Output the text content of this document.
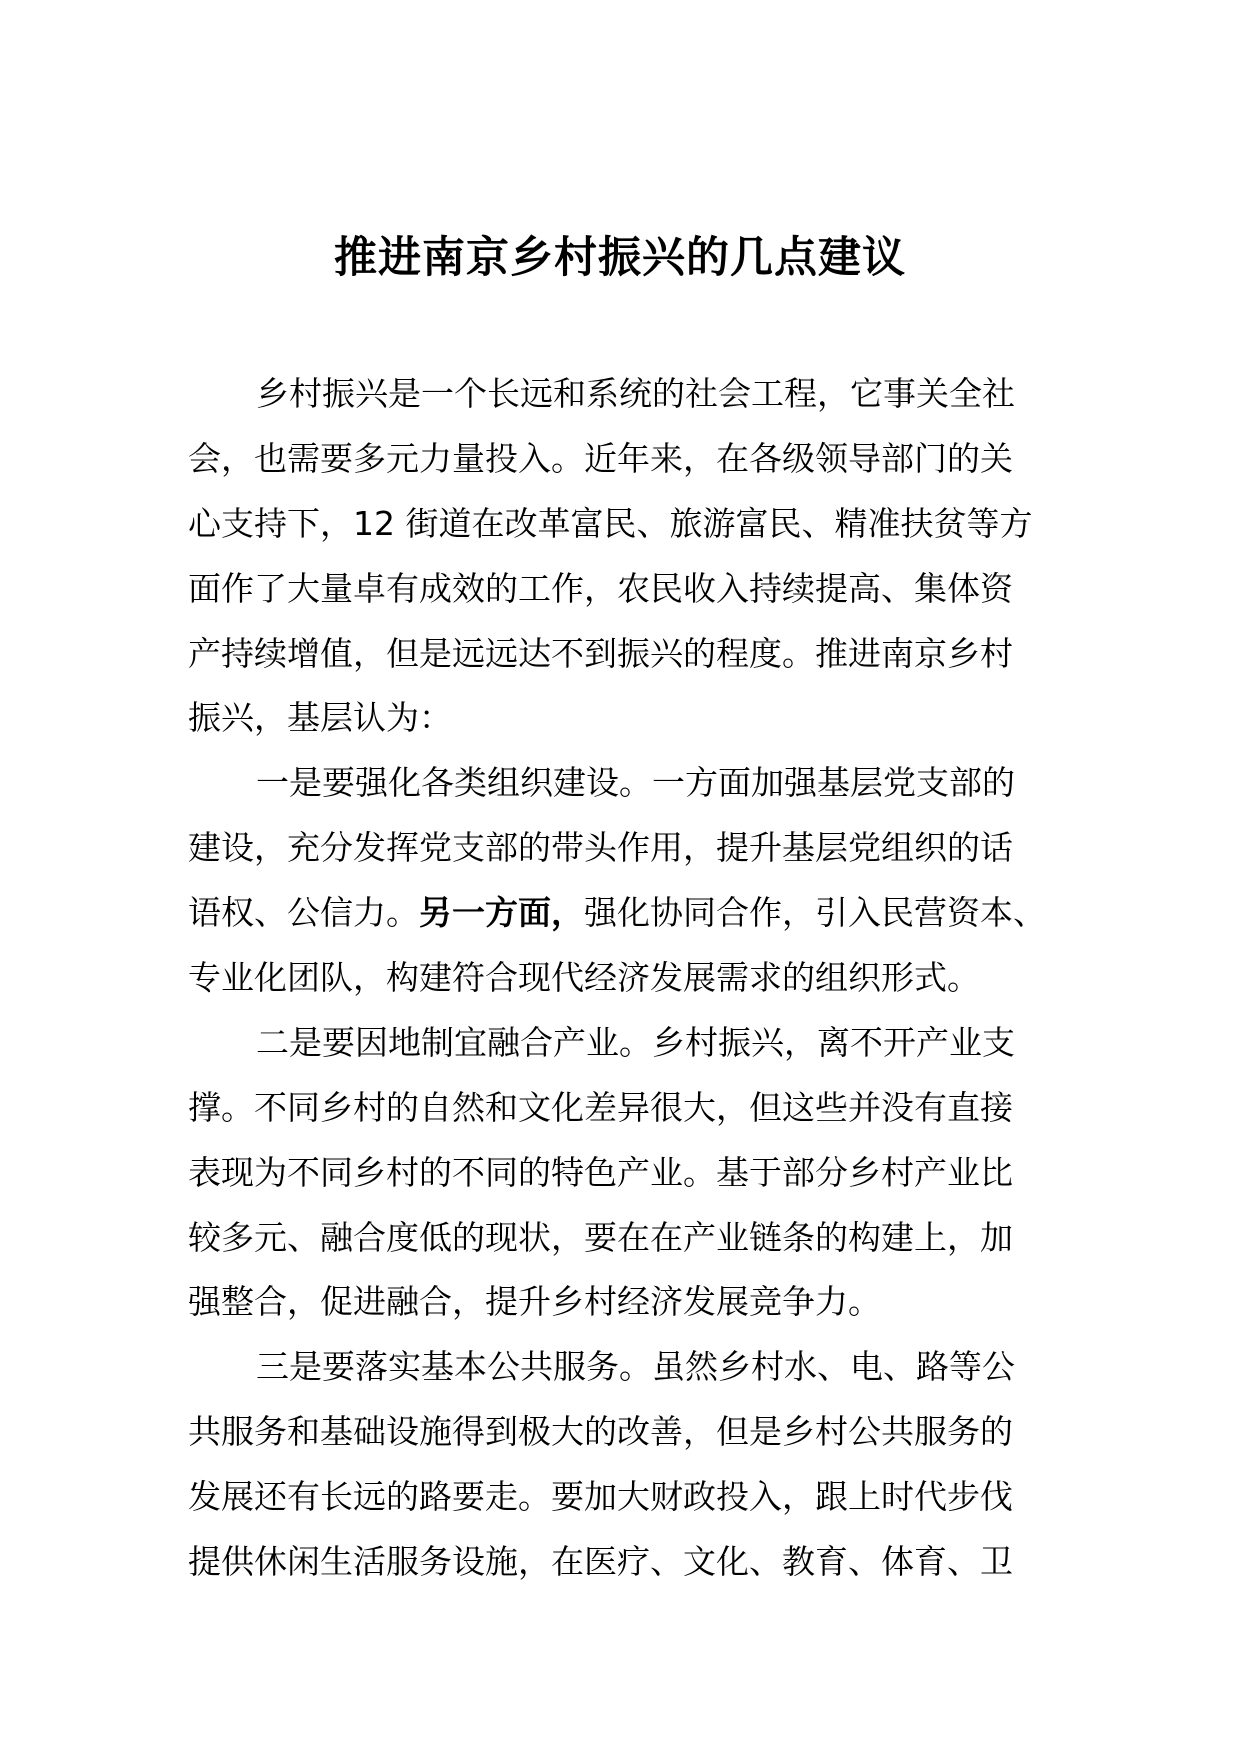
推进南京乡村振兴的几点建议
乡村振兴是一个长远和系统的社会工程，它事关全社
会，也需要多元力量投入。近年来，在各级领导部门的关
心支持下，12 街道在改革富民、旅游富民、精准扶贫等方
面作了大量卓有成效的工作，农民收入持续提高、集体资
产持续增值，但是远远达不到振兴的程度。推进南京乡村
振兴，基层认为：
一是要强化各类组织建设。一方面加强基层党支部的
建设，充分发挥党支部的带头作用，提升基层党组织的话
语权、公信力。另一方面，强化协同合作，引入民营资本、
专业化团队，构建符合现代经济发展需求的组织形式。
二是要因地制宜融合产业。乡村振兴，离不开产业支
撑。不同乡村的自然和文化差异很大，但这些并没有直接
表现为不同乡村的不同的特色产业。基于部分乡村产业比
较多元、融合度低的现状，要在在产业链条的构建上，加
强整合，促进融合，提升乡村经济发展竞争力。
三是要落实基本公共服务。虽然乡村水、电、路等公
共服务和基础设施得到极大的改善，但是乡村公共服务的
发展还有长远的路要走。要加大财政投入，跟上时代步伐
提供休闲生活服务设施，在医疗、文化、教育、体育、卫
